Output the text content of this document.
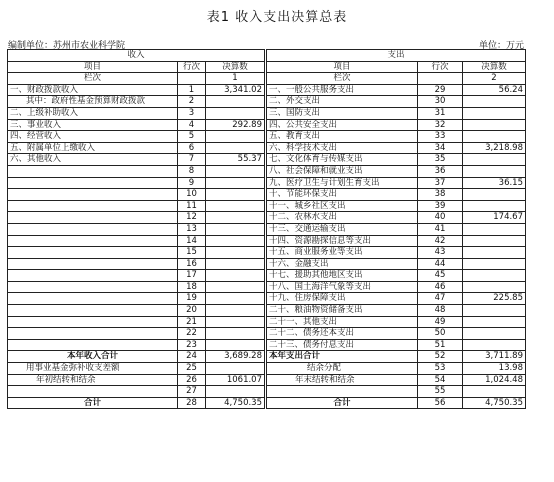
表1 收入支出决算总表
编制单位：苏州市农业科学院	单位：万元
收入			支出		
项目	行次	决算数	项目	行次	决算数
栏次		1	栏次		2
一、财政拨款收入	1	3,341.02	一、一般公共服务支出	29	56.24
其中：政府性基金预算财政拨款	2		二、外交支出	30	
二、上级补助收入	3		三、国防支出	31	
三、事业收入	4	292.89	四、公共安全支出	32	
四、经营收入	5		五、教育支出	33	
五、附属单位上缴收入	6		六、科学技术支出	34	3,218.98
六、其他收入	7	55.37	七、文化体育与传媒支出	35	
	8		八、社会保障和就业支出	36	
	9		九、医疗卫生与计划生育支出	37	36.15
	10		十、节能环保支出	38	
	11		十一、城乡社区支出	39	
	12		十二、农林水支出	40	174.67
	13		十三、交通运输支出	41	
	14		十四、资源勘探信息等支出	42	
	15		十五、商业服务业等支出	43	
	16		十六、金融支出	44	
	17		十七、援助其他地区支出	45	
	18		十八、国土海洋气象等支出	46	
	19		十九、住房保障支出	47	225.85
	20		二十、粮油物资储备支出	48	
	21		二十一、其他支出	49	
	22		二十二、债务还本支出	50	
	23		二十三、债务付息支出	51	
本年收入合计	24	3,689.28	本年支出合计	52	3,711.89
用事业基金弥补收支差额	25		结余分配	53	13.98
年初结转和结余	26	1061.07	年末结转和结余	54	1,024.48
	27			55	
合计	28	4,750.35	合计	56	4,750.35
